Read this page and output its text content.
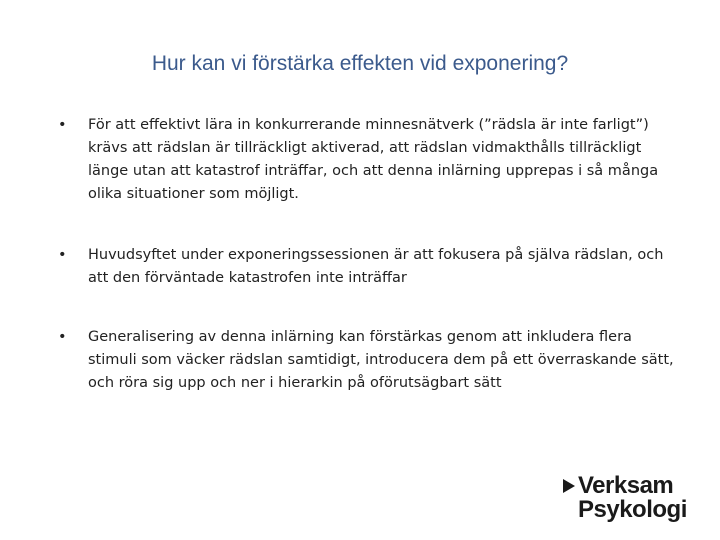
Hur kan vi förstärka effekten vid exponering?
•	För att effektivt lära in konkurrerande minnesnätverk (”rädsla är inte farligt”) krävs att rädslan är tillräckligt aktiverad, att rädslan vidmakthålls tillräckligt länge utan att katastrof inträffar, och att denna inlärning upprepas i så många olika situationer som möjligt.
•	Huvudsyftet under exponeringssessionen är att fokusera på själva rädslan, och att den förväntade katastrofen inte inträffar
•	Generalisering av denna inlärning kan förstärkas genom att inkludera flera stimuli som väcker rädslan samtidigt, introducera dem på ett överraskande sätt, och röra sig upp och ner i hierarkin på oförutsägbart sätt
Verksam
Psykologi
